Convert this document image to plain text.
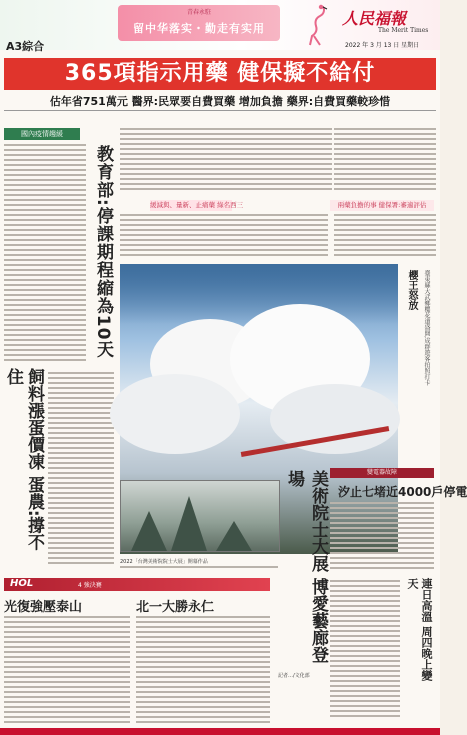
A3綜合
青春永駐
留中华落实・勤走有实用
人民福報
The Merit Times
2022 年 3 月 13 日 星期日
365項指示用藥 健保擬不給付
估年省751萬元 醫界:民眾要自費買藥 增加負擔 藥界:自費買藥較珍惜
國內疫情趨緩
教育部:停課期程縮為10天
飼料漲蛋價凍 蛋農:撐不住
緩減與、量新、止痛藥 綠名西三	兩藥負擔的事 健保署:審適評估
櫻王怒放	臺東縣大武鄉櫻花道盛開,成群遊客拍照打卡
2022「台灣美術院院士大展」開幕作品	美術院士大展 博愛藝廊登場
記者…/文化部
變電器故障
汐止七堵近4000戶停電
連日高溫 周四晚上變天
HOL	4 強決賽
光復強壓泰山	北一大勝永仁
